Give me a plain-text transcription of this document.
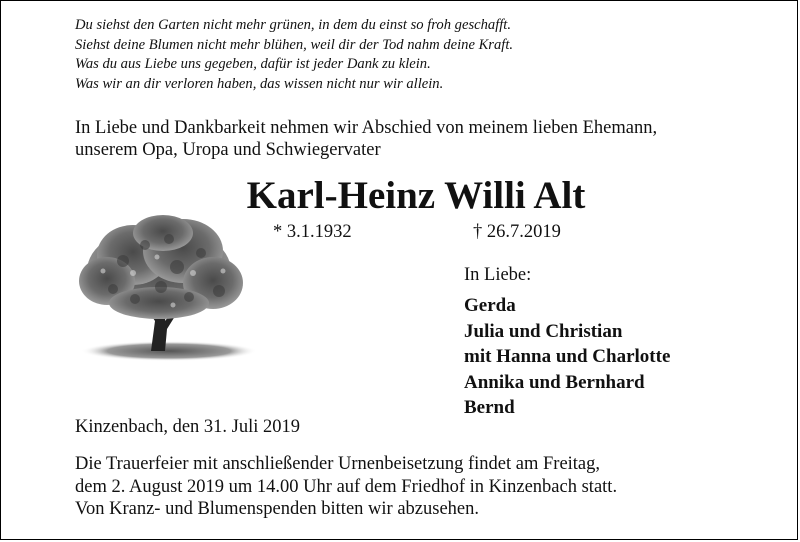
Du siehst den Garten nicht mehr grünen, in dem du einst so froh geschafft.
Siehst deine Blumen nicht mehr blühen, weil dir der Tod nahm deine Kraft.
Was du aus Liebe uns gegeben, dafür ist jeder Dank zu klein.
Was wir an dir verloren haben, das wissen nicht nur wir allein.
In Liebe und Dankbarkeit nehmen wir Abschied von meinem lieben Ehemann,
unserem Opa, Uropa und Schwiegervater
Karl-Heinz Willi Alt
* 3.1.1932	† 26.7.2019
In Liebe:
Gerda
Julia und Christian
mit Hanna und Charlotte
Annika und Bernhard
Bernd
Kinzenbach, den 31. Juli 2019
Die Trauerfeier mit anschließender Urnenbeisetzung findet am Freitag,
dem 2. August 2019 um 14.00 Uhr auf dem Friedhof in Kinzenbach statt.
Von Kranz- und Blumenspenden bitten wir abzusehen.
